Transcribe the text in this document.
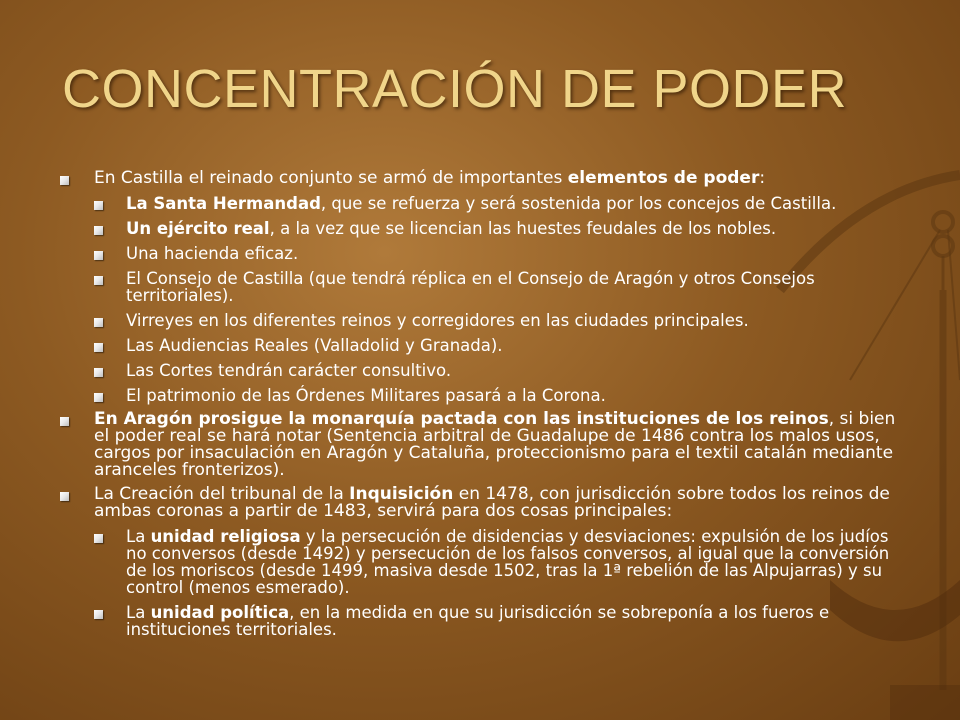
CONCENTRACIÓN DE PODER
En Castilla el reinado conjunto se armó de importantes elementos de poder:
La Santa Hermandad, que se refuerza y será sostenida por los concejos de Castilla.
Un ejército real, a la vez que se licencian las huestes feudales de los nobles.
Una hacienda eficaz.
El Consejo de Castilla (que tendrá réplica en el Consejo de Aragón y otros Consejos territoriales).
Virreyes en los diferentes reinos y corregidores en las ciudades principales.
Las Audiencias Reales (Valladolid y Granada).
Las Cortes tendrán carácter consultivo.
El patrimonio de las Órdenes Militares pasará a la Corona.
En Aragón prosigue la monarquía pactada con las instituciones de los reinos, si bien el poder real se hará notar (Sentencia arbitral de Guadalupe de 1486 contra los malos usos, cargos por insaculación en Aragón y Cataluña, proteccionismo para el textil catalán mediante aranceles fronterizos).
La Creación del tribunal de la Inquisición en 1478, con jurisdicción sobre todos los reinos de ambas coronas a partir de 1483, servirá para dos cosas principales:
La unidad religiosa y la persecución de disidencias y desviaciones: expulsión de los judíos no conversos (desde 1492) y persecución de los falsos conversos, al igual que la conversión de los moriscos (desde 1499, masiva desde 1502, tras la 1ª rebelión de las Alpujarras) y su control (menos esmerado).
La unidad política, en la medida en que su jurisdicción se sobreponía a los fueros e instituciones territoriales.
